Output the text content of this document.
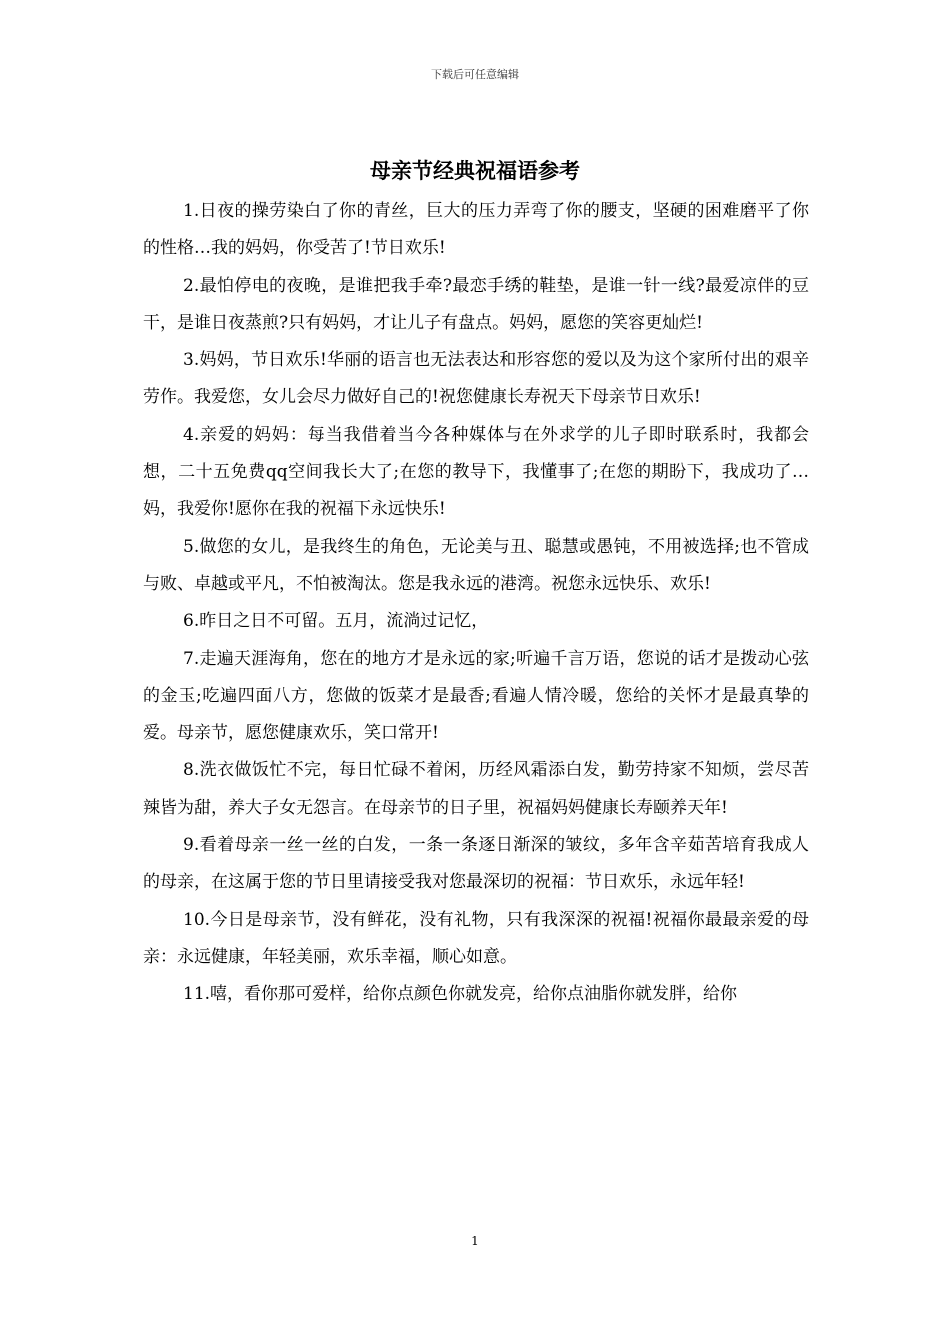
下载后可任意编辑
母亲节经典祝福语参考

1.日夜的操劳染白了你的青丝，巨大的压力弄弯了你的腰支，坚硬的困难磨平了你的性格…我的妈妈，你受苦了!节日欢乐!

2.最怕停电的夜晚，是谁把我手牵?最恋手绣的鞋垫，是谁一针一线?最爱凉伴的豆干，是谁日夜蒸煎?只有妈妈，才让儿子有盘点。妈妈，愿您的笑容更灿烂!

3.妈妈，节日欢乐!华丽的语言也无法表达和形容您的爱以及为这个家所付出的艰辛劳作。我爱您，女儿会尽力做好自己的!祝您健康长寿祝天下母亲节日欢乐!

4.亲爱的妈妈：每当我借着当今各种媒体与在外求学的儿子即时联系时，我都会想，二十五免费qq空间我长大了;在您的教导下，我懂事了;在您的期盼下，我成功了…妈，我爱你!愿你在我的祝福下永远快乐!

5.做您的女儿，是我终生的角色，无论美与丑、聪慧或愚钝，不用被选择;也不管成与败、卓越或平凡，不怕被淘汰。您是我永远的港湾。祝您永远快乐、欢乐!

6.昨日之日不可留。五月，流淌过记忆，

7.走遍天涯海角，您在的地方才是永远的家;听遍千言万语，您说的话才是拨动心弦的金玉;吃遍四面八方，您做的饭菜才是最香;看遍人情冷暖，您给的关怀才是最真挚的爱。母亲节，愿您健康欢乐，笑口常开!

8.洗衣做饭忙不完，每日忙碌不着闲，历经风霜添白发，勤劳持家不知烦，尝尽苦辣皆为甜，养大子女无怨言。在母亲节的日子里，祝福妈妈健康长寿颐养天年!

9.看着母亲一丝一丝的白发，一条一条逐日渐深的皱纹，多年含辛茹苦培育我成人的母亲，在这属于您的节日里请接受我对您最深切的祝福：节日欢乐，永远年轻!

10.今日是母亲节，没有鲜花，没有礼物，只有我深深的祝福!祝福你最最亲爱的母亲：永远健康，年轻美丽，欢乐幸福，顺心如意。

11.嘻，看你那可爱样，给你点颜色你就发亮，给你点油脂你就发胖，给你

1
